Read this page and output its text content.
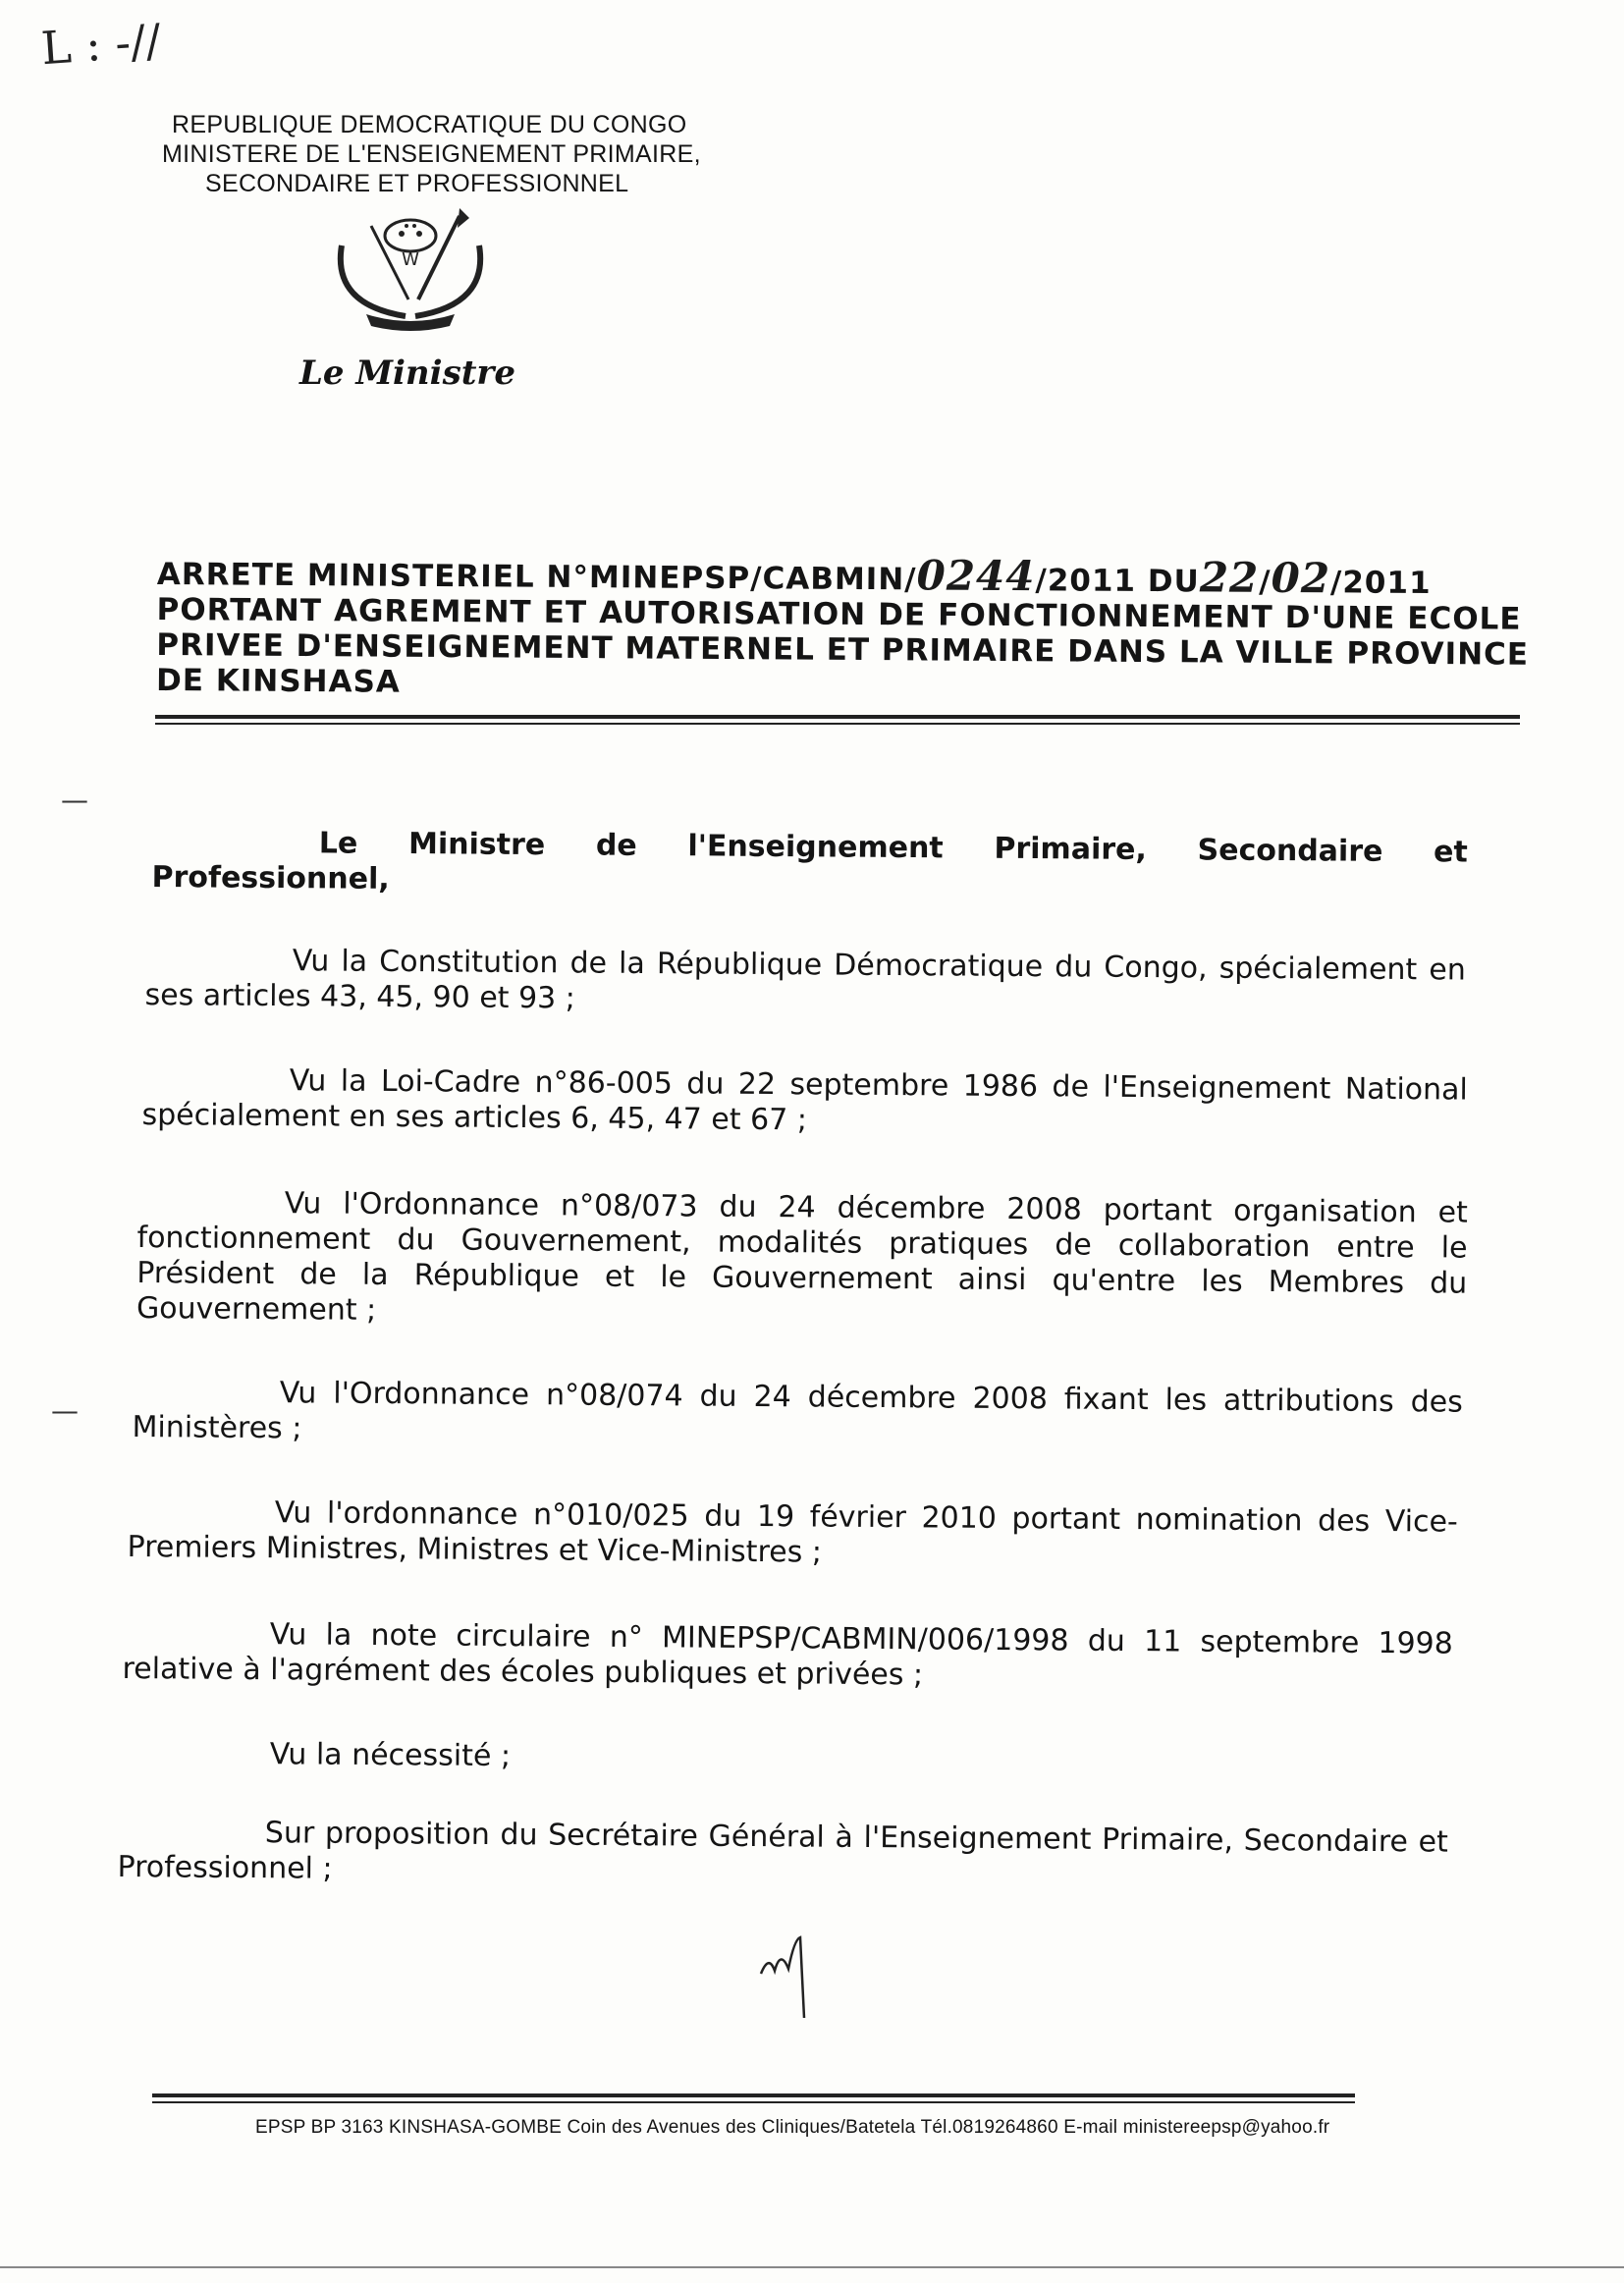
L : -//
REPUBLIQUE DEMOCRATIQUE DU CONGO
MINISTERE DE L'ENSEIGNEMENT PRIMAIRE,
SECONDAIRE ET PROFESSIONNEL
W
Le Ministre
ARRETE MINISTERIEL N°MINEPSP/CABMIN/0244/2011 DU22/02/2011
PORTANT AGREMENT ET AUTORISATION DE FONCTIONNEMENT D'UNE ECOLE
PRIVEE D'ENSEIGNEMENT MATERNEL ET PRIMAIRE DANS LA VILLE PROVINCE
DE KINSHASA
—
—
Le Ministre de l'Enseignement Primaire, Secondaire et Professionnel,
Vu la Constitution de la République Démocratique du Congo, spécialement en ses articles 43, 45, 90 et 93 ;
Vu la Loi-Cadre n°86-005 du 22 septembre 1986 de l'Enseignement National spécialement en ses articles 6, 45, 47 et 67 ;
Vu l'Ordonnance n°08/073 du 24 décembre 2008 portant organisation et fonctionnement du Gouvernement, modalités pratiques de collaboration entre le Président de la République et le Gouvernement ainsi qu'entre les Membres du Gouvernement ;
Vu l'Ordonnance n°08/074 du 24 décembre 2008 fixant les attributions des Ministères ;
Vu l'ordonnance n°010/025 du 19 février 2010 portant nomination des Vice-Premiers Ministres, Ministres et Vice-Ministres ;
Vu la note circulaire n° MINEPSP/CABMIN/006/1998 du 11 septembre 1998 relative à l'agrément des écoles publiques et privées ;
Vu la nécessité ;
Sur proposition du Secrétaire Général à l'Enseignement Primaire, Secondaire et Professionnel ;
EPSP BP 3163 KINSHASA-GOMBE Coin des Avenues des Cliniques/Batetela Tél.0819264860 E-mail ministereepsp@yahoo.fr
